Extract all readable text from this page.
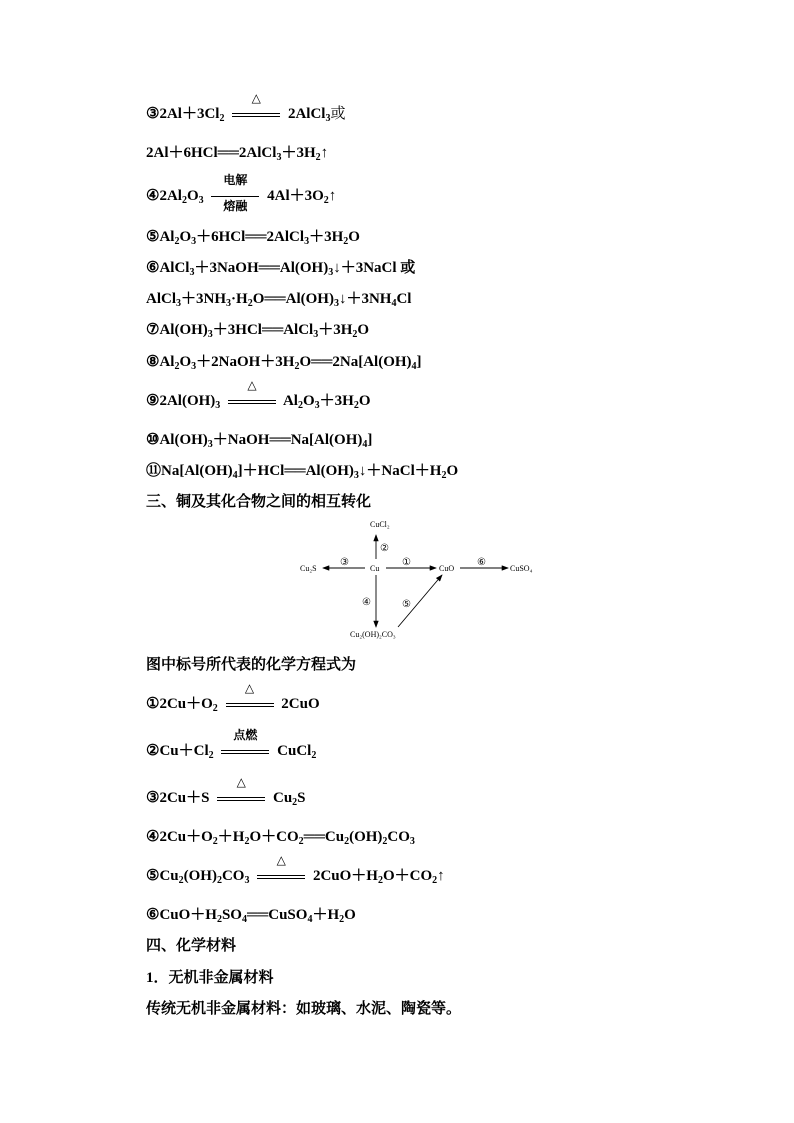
$③2Al+3Cl_2$
△
2AlCl$_3$或
$2Al+6HCl══2AlCl_3+3H_2↑$
$④2Al_2O_3$
电解
熔融
$4Al+3O_2↑$
$⑤Al_2O_3+6HCl══2AlCl_3+3H_2O$
$⑥AlCl_3+3NaOH══Al(OH)_3↓+3NaCl$ 或
$AlCl_3+3NH_3\cdot H_2O══Al(OH)_3↓+3NH_4Cl$
$⑦Al(OH)_3+3HCl══AlCl_3+3H_2O$
$⑧Al_2O_3+2NaOH+3H_2O══2Na[Al(OH)_4]$
$⑨2Al(OH)_3$
△
$Al_2O_3+3H_2O$
$⑩Al(OH)_3+NaOH══Na[Al(OH)_4]$
$⑪Na[Al(OH)_4]+HCl══Al(OH)_3↓+NaCl+H_2O$
三、铜及其化合物之间的相互转化
CuCl₂
Cu
Cu₂S	CuO	CuSO₄
Cu₂(OH)₂CO₃
②
③	①	⑥
④	⑤
图中标号所代表的化学方程式为
$①2Cu+O_2$
△
2CuO
$②Cu+Cl_2$
点燃
CuCl$_2$
③2Cu＋S
△
$Cu_2S$
$④2Cu+O_2+H_2O+CO_2══Cu_2(OH)_2CO_3$
$⑤Cu_2(OH)_2CO_3$
△
$2CuO+H_2O+CO_2↑$
$⑥CuO+H_2SO_4══CuSO_4+H_2O$
四、化学材料
1．无机非金属材料
传统无机非金属材料：如玻璃、水泥、陶瓷等。
